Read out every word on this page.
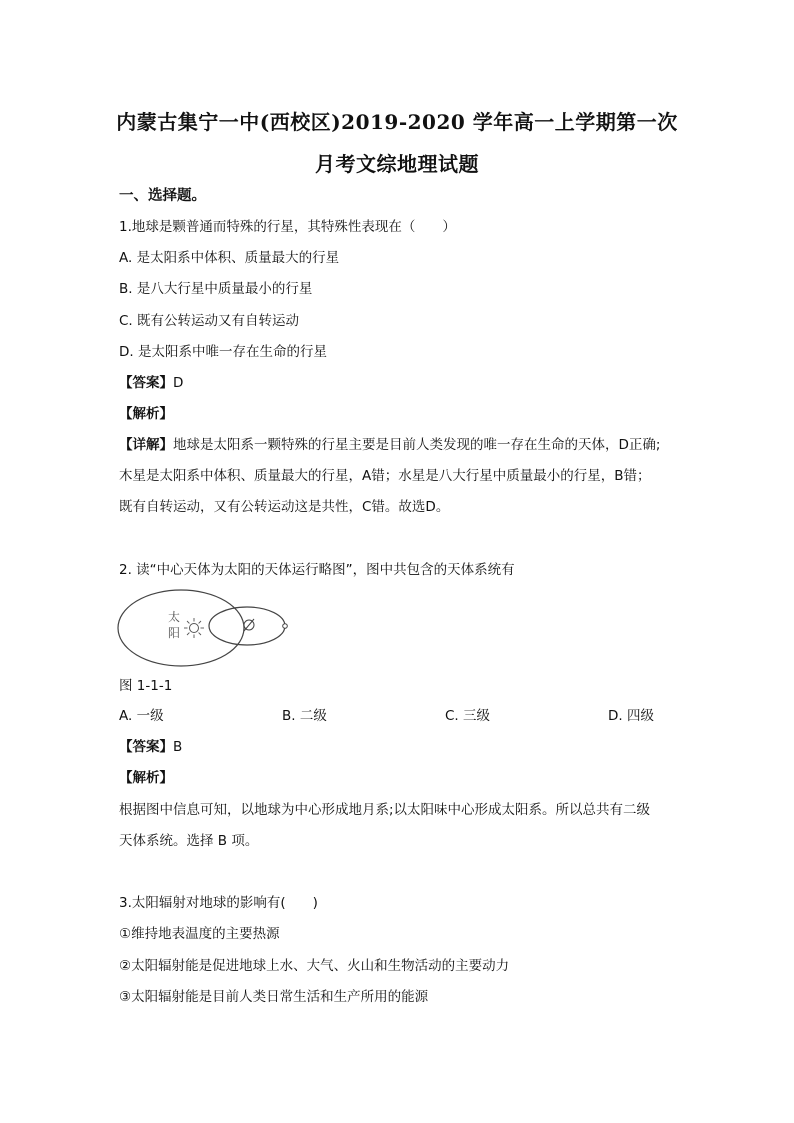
内蒙古集宁一中(西校区)2019-2020 学年高一上学期第一次
月考文综地理试题
一、选择题。
1.地球是颗普通而特殊的行星，其特殊性表现在（　　）
A. 是太阳系中体积、质量最大的行星
B. 是八大行星中质量最小的行星
C. 既有公转运动又有自转运动
D. 是太阳系中唯一存在生命的行星
【答案】D
【解析】
【详解】地球是太阳系一颗特殊的行星主要是目前人类发现的唯一存在生命的天体，D正确;
木星是太阳系中体积、质量最大的行星，A错；水星是八大行星中质量最小的行星，B错；
既有自转运动，又有公转运动这是共性，C错。故选D。
2. 读“中心天体为太阳的天体运行略图”，图中共包含的天体系统有
太
阳
图 1-1-1
A. 一级	B. 二级	C. 三级	D. 四级
【答案】B
【解析】
根据图中信息可知，以地球为中心形成地月系;以太阳味中心形成太阳系。所以总共有二级
天体系统。选择 B 项。
3.太阳辐射对地球的影响有(　　)
①维持地表温度的主要热源
②太阳辐射能是促进地球上水、大气、火山和生物活动的主要动力
③太阳辐射能是目前人类日常生活和生产所用的能源
